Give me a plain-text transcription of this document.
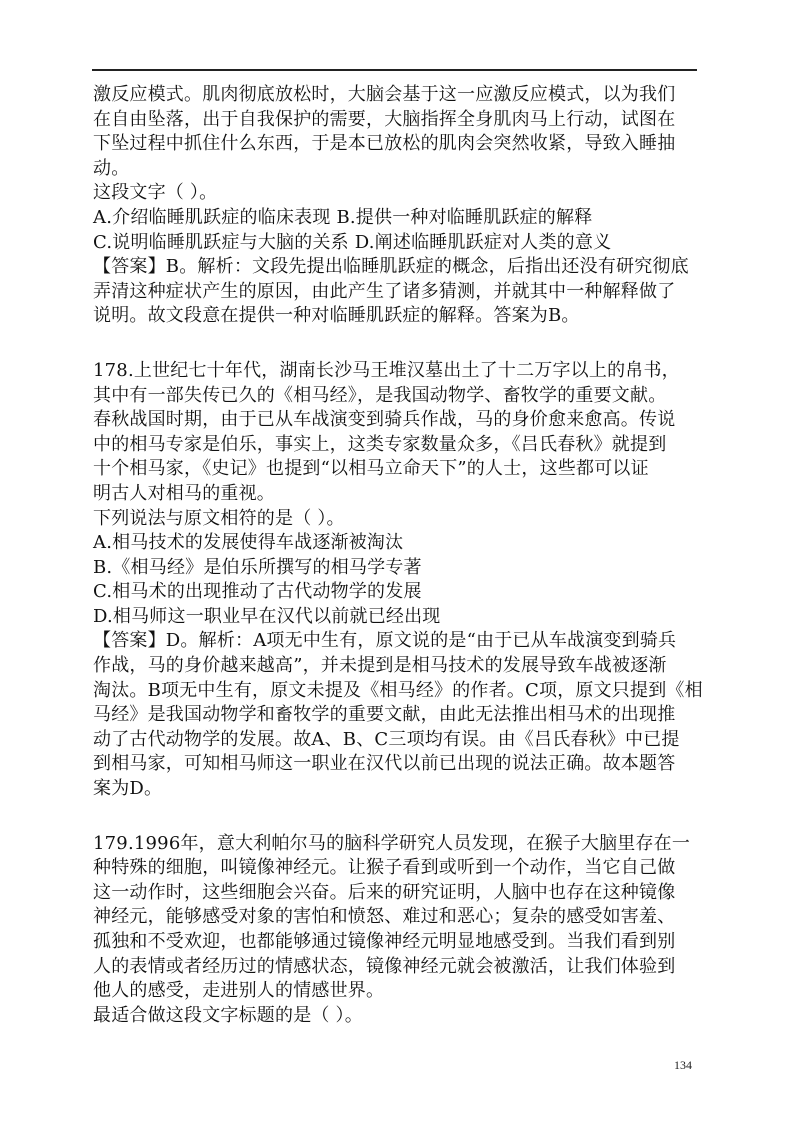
激反应模式。肌肉彻底放松时，大脑会基于这一应激反应模式，以为我们
在自由坠落，出于自我保护的需要，大脑指挥全身肌肉马上行动，试图在
下坠过程中抓住什么东西，于是本已放松的肌肉会突然收紧，导致入睡抽
动。
这段文字（ ）。
A.介绍临睡肌跃症的临床表现 B.提供一种对临睡肌跃症的解释
C.说明临睡肌跃症与大脑的关系 D.阐述临睡肌跃症对人类的意义
【答案】B。解析：文段先提出临睡肌跃症的概念，后指出还没有研究彻底
弄清这种症状产生的原因，由此产生了诸多猜测，并就其中一种解释做了
说明。故文段意在提供一种对临睡肌跃症的解释。答案为B。
178.上世纪七十年代，湖南长沙马王堆汉墓出土了十二万字以上的帛书，
其中有一部失传已久的《相马经》，是我国动物学、畜牧学的重要文献。
春秋战国时期，由于已从车战演变到骑兵作战，马的身价愈来愈高。传说
中的相马专家是伯乐，事实上，这类专家数量众多，《吕氏春秋》就提到
十个相马家，《史记》也提到“以相马立命天下”的人士，这些都可以证
明古人对相马的重视。
下列说法与原文相符的是（ ）。
A.相马技术的发展使得车战逐渐被淘汰
B.《相马经》是伯乐所撰写的相马学专著
C.相马术的出现推动了古代动物学的发展
D.相马师这一职业早在汉代以前就已经出现
【答案】D。解析：A项无中生有，原文说的是“由于已从车战演变到骑兵
作战，马的身价越来越高”，并未提到是相马技术的发展导致车战被逐渐
淘汰。B项无中生有，原文未提及《相马经》的作者。C项，原文只提到《相
马经》是我国动物学和畜牧学的重要文献，由此无法推出相马术的出现推
动了古代动物学的发展。故A、B、C三项均有误。由《吕氏春秋》中已提
到相马家，可知相马师这一职业在汉代以前已出现的说法正确。故本题答
案为D。
179.1996年，意大利帕尔马的脑科学研究人员发现，在猴子大脑里存在一
种特殊的细胞，叫镜像神经元。让猴子看到或听到一个动作，当它自己做
这一动作时，这些细胞会兴奋。后来的研究证明，人脑中也存在这种镜像
神经元，能够感受对象的害怕和愤怒、难过和恶心；复杂的感受如害羞、
孤独和不受欢迎，也都能够通过镜像神经元明显地感受到。当我们看到别
人的表情或者经历过的情感状态，镜像神经元就会被激活，让我们体验到
他人的感受，走进别人的情感世界。
最适合做这段文字标题的是（ ）。
134
